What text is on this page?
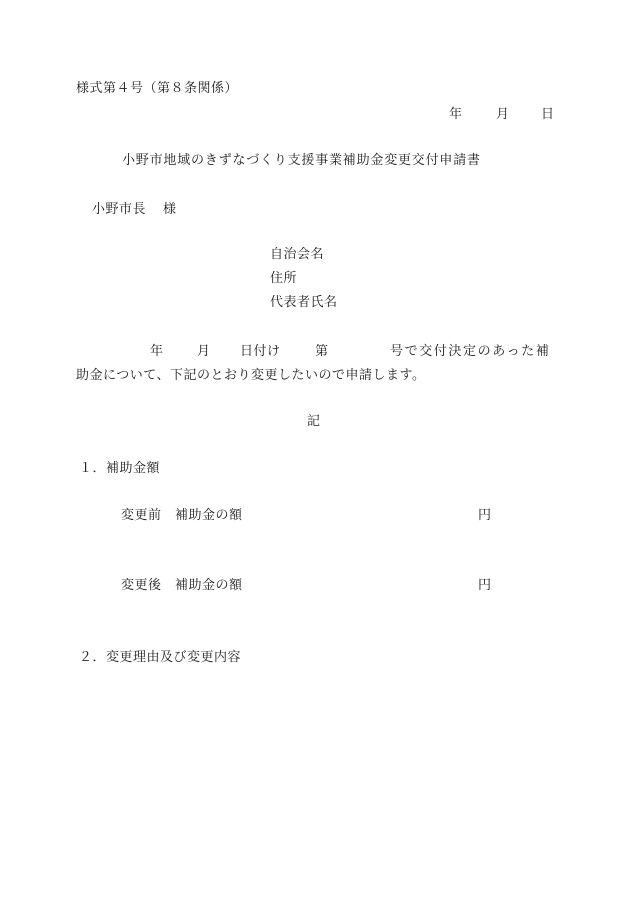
様式第４号（第８条関係）
年	月 日
小野市地域のきずなづくり支援事業補助金変更交付申請書
小野市長 様
自治会名
住所
代表者氏名
年	月 日付け	第	号で交付決定のあった補
助金について、下記のとおり変更したいので申請します。
記
１．補助金額
変更前　補助金の額	円
変更後　補助金の額	円
２．変更理由及び変更内容
